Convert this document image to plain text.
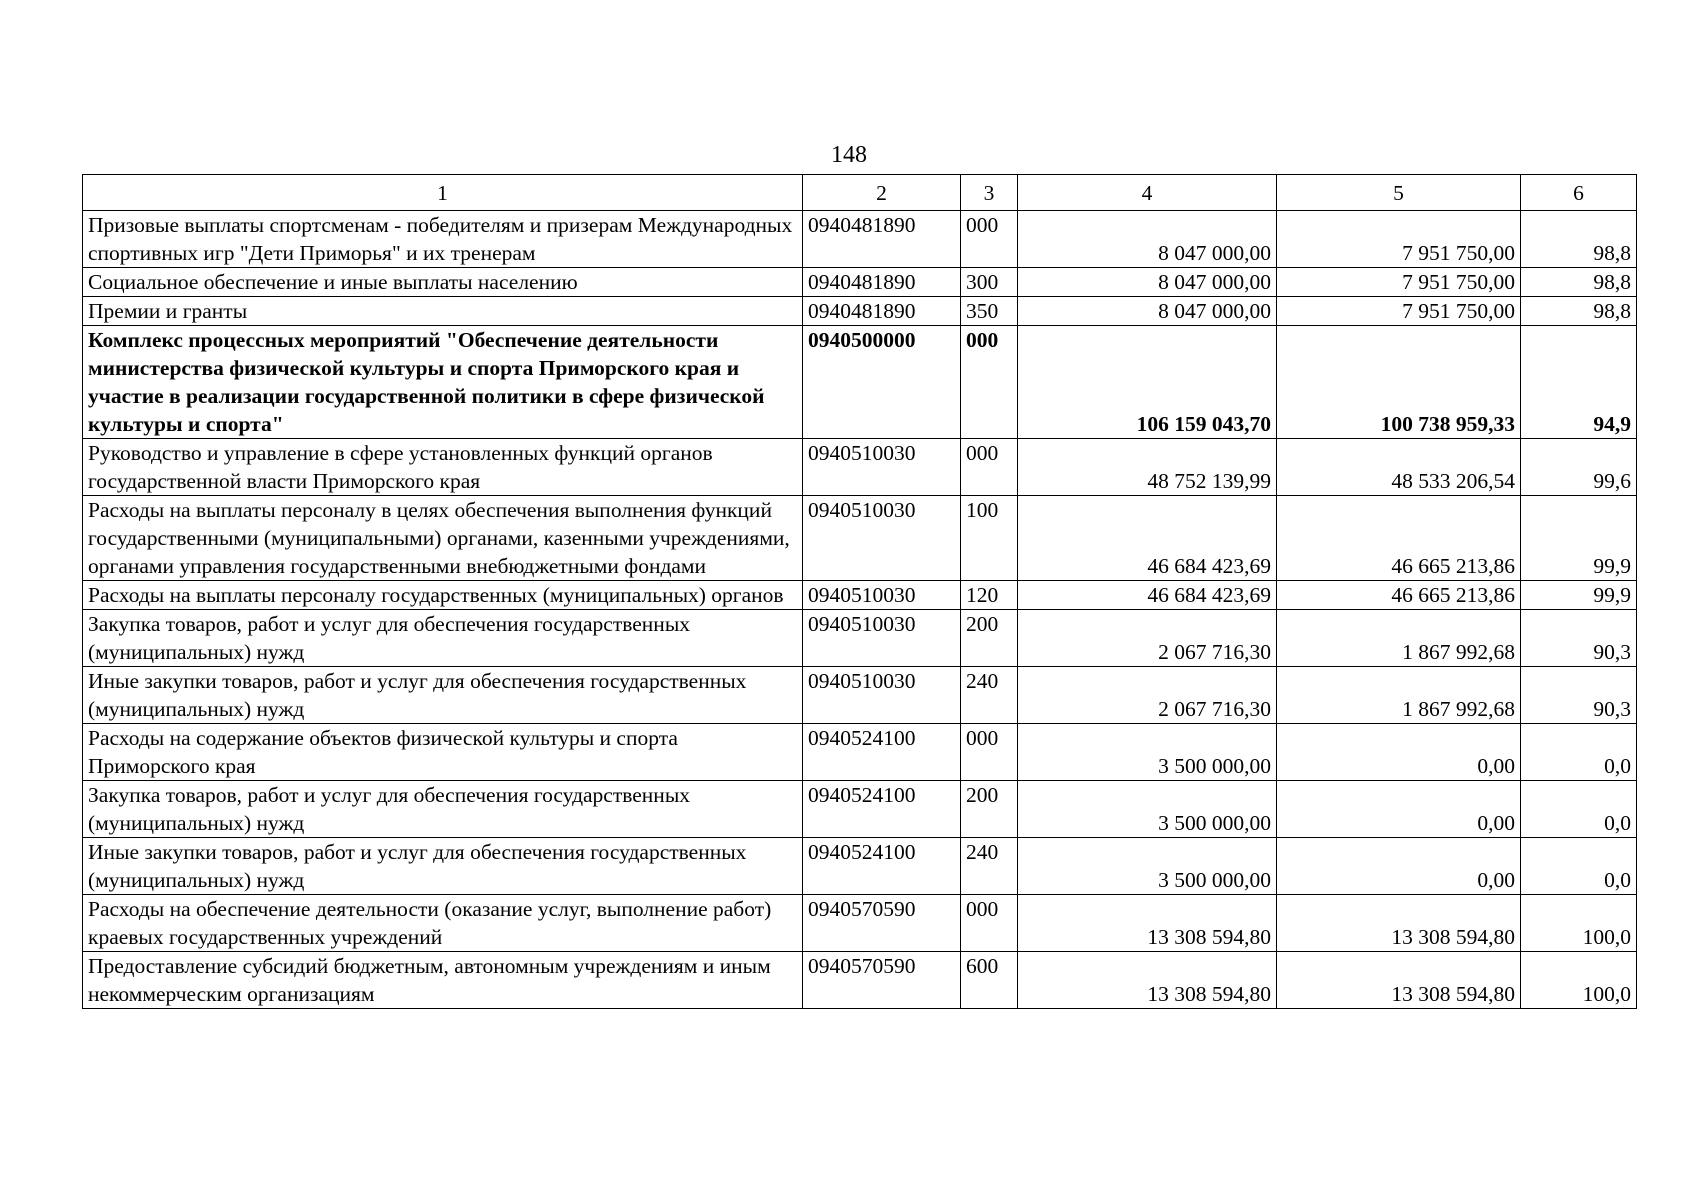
148
1	2	3	4	5	6
Призовые выплаты спортсменам - победителям и призерам Международных спортивных игр "Дети Приморья" и их тренерам	0940481890	000	8 047 000,00	7 951 750,00	98,8
Социальное обеспечение и иные выплаты населению	0940481890	300	8 047 000,00	7 951 750,00	98,8
Премии и гранты	0940481890	350	8 047 000,00	7 951 750,00	98,8
Комплекс процессных мероприятий "Обеспечение деятельности министерства физической культуры и спорта Приморского края и участие в реализации государственной политики в сфере физической культуры и спорта"	0940500000	000	106 159 043,70	100 738 959,33	94,9
Руководство и управление в сфере установленных функций органов государственной власти Приморского края	0940510030	000	48 752 139,99	48 533 206,54	99,6
Расходы на выплаты персоналу в целях обеспечения выполнения функций государственными (муниципальными) органами, казенными учреждениями, органами управления государственными внебюджетными фондами	0940510030	100	46 684 423,69	46 665 213,86	99,9
Расходы на выплаты персоналу государственных (муниципальных) органов	0940510030	120	46 684 423,69	46 665 213,86	99,9
Закупка товаров, работ и услуг для обеспечения государственных (муниципальных) нужд	0940510030	200	2 067 716,30	1 867 992,68	90,3
Иные закупки товаров, работ и услуг для обеспечения государственных (муниципальных) нужд	0940510030	240	2 067 716,30	1 867 992,68	90,3
Расходы на содержание объектов физической культуры и спорта Приморского края	0940524100	000	3 500 000,00	0,00	0,0
Закупка товаров, работ и услуг для обеспечения государственных (муниципальных) нужд	0940524100	200	3 500 000,00	0,00	0,0
Иные закупки товаров, работ и услуг для обеспечения государственных (муниципальных) нужд	0940524100	240	3 500 000,00	0,00	0,0
Расходы на обеспечение деятельности (оказание услуг, выполнение работ) краевых государственных учреждений	0940570590	000	13 308 594,80	13 308 594,80	100,0
Предоставление субсидий бюджетным, автономным учреждениям и иным некоммерческим организациям	0940570590	600	13 308 594,80	13 308 594,80	100,0
